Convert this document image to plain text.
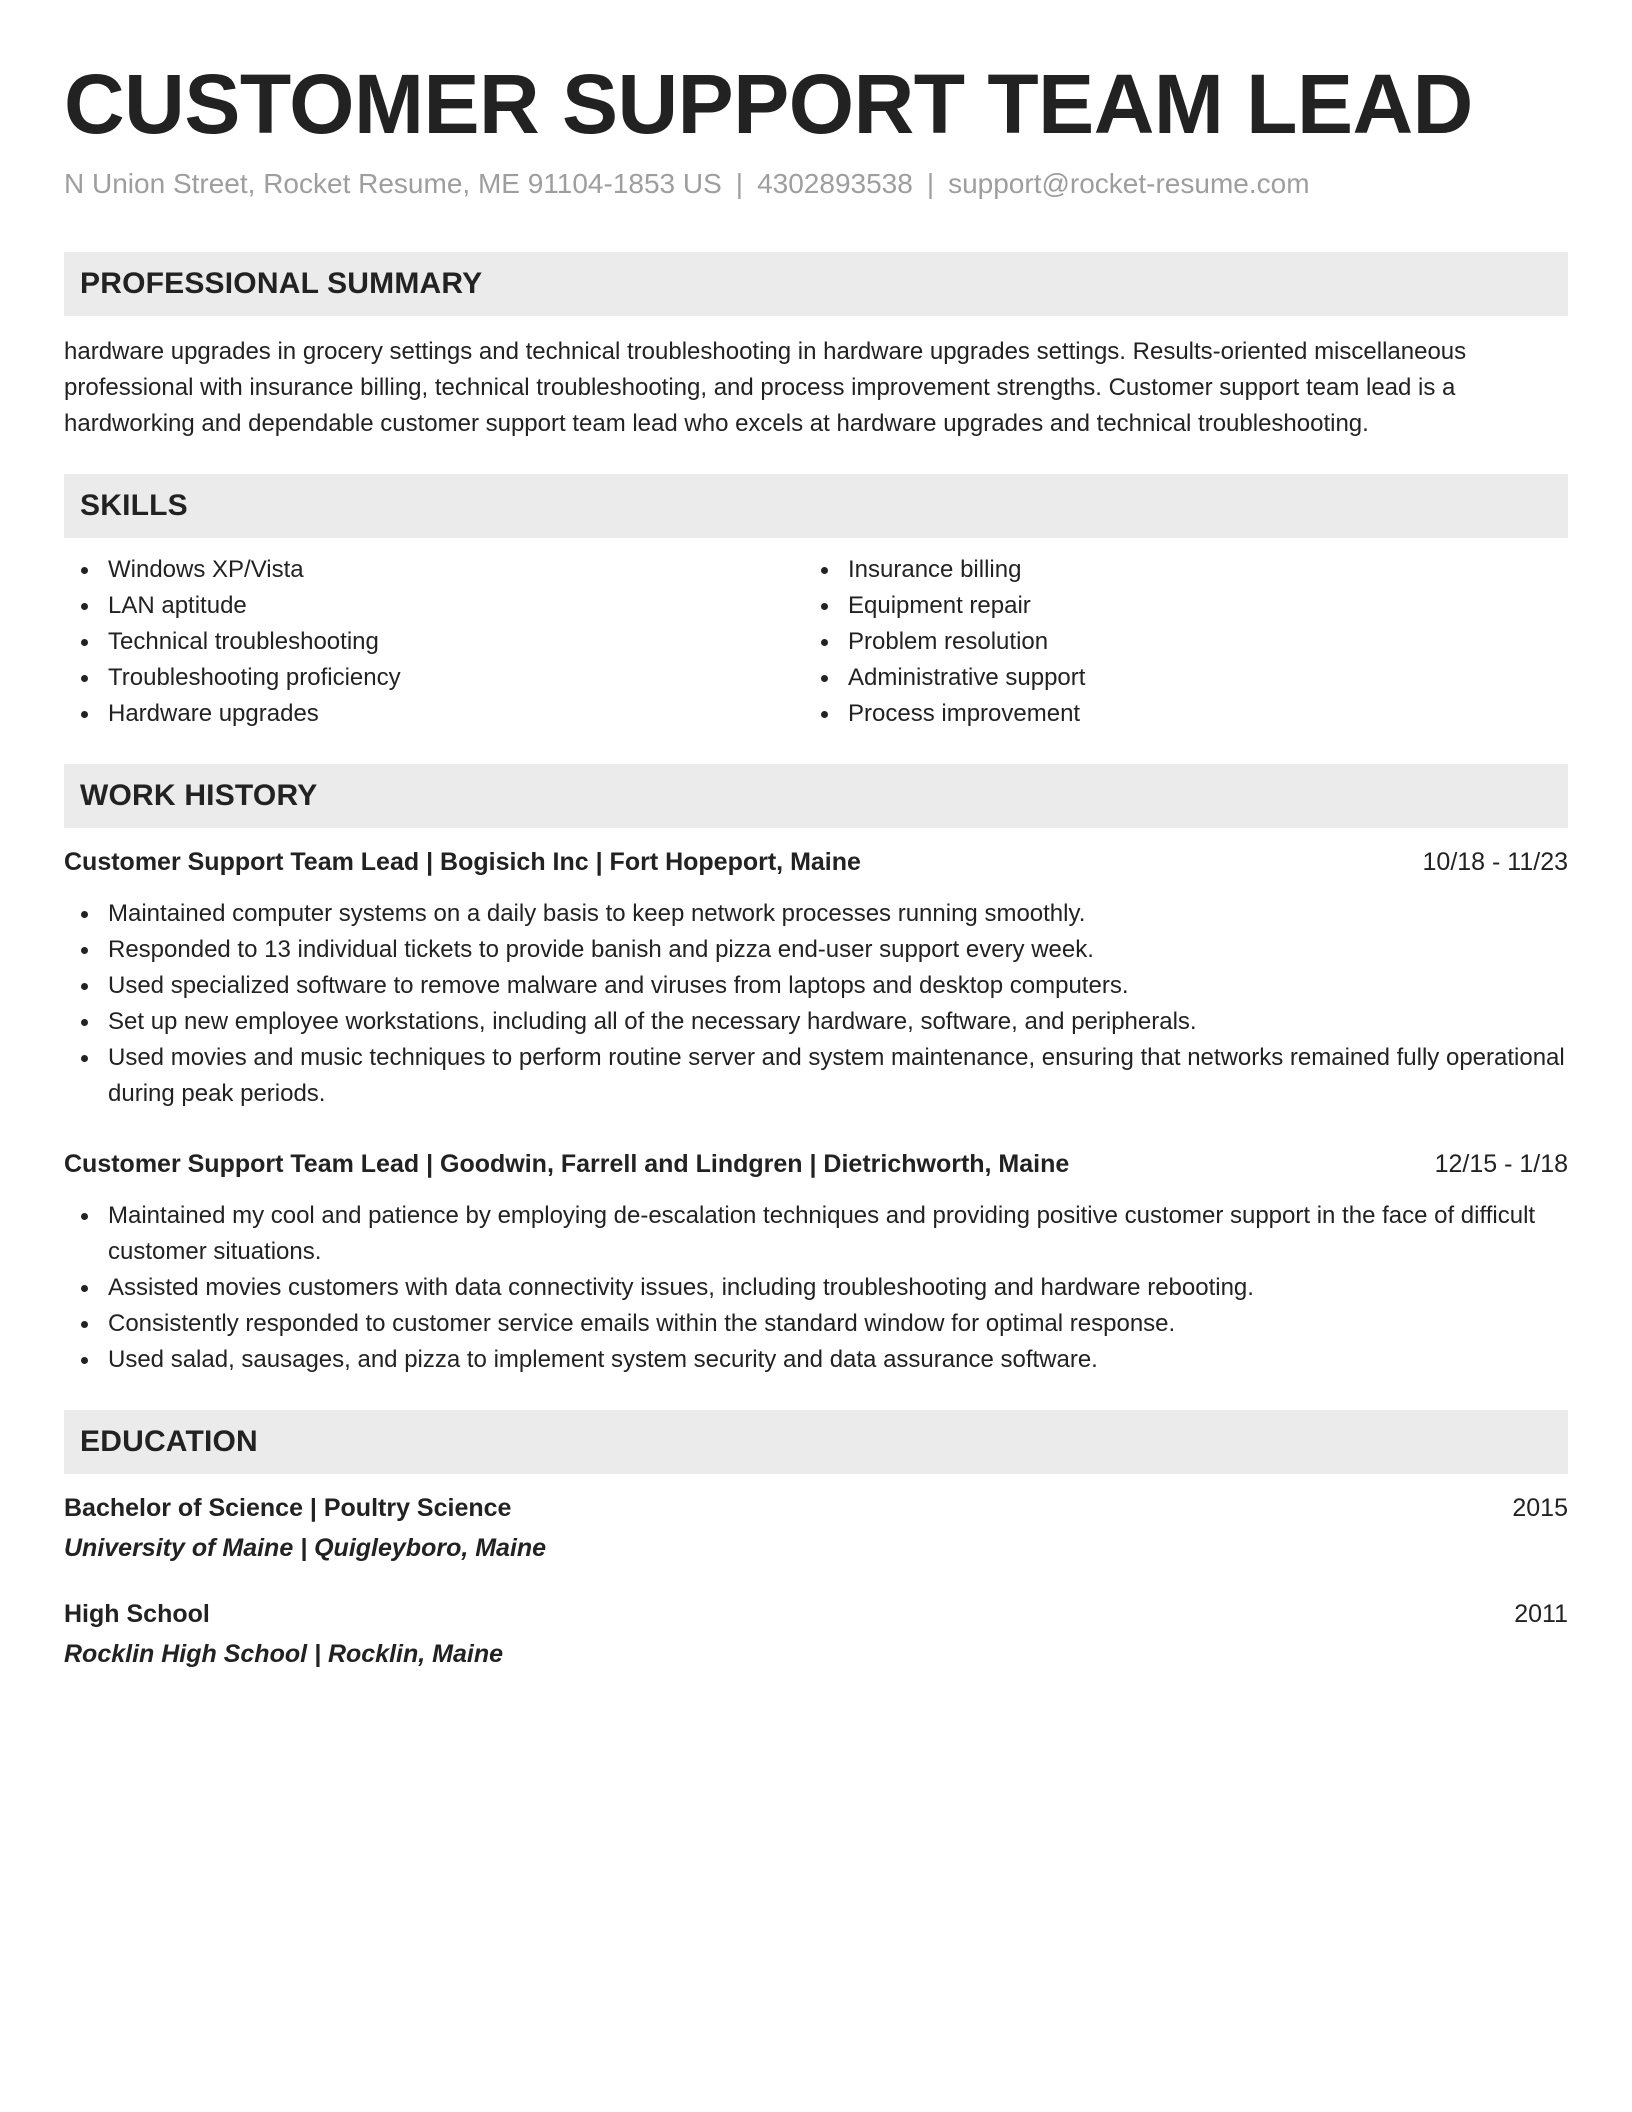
CUSTOMER SUPPORT TEAM LEAD
N Union Street, Rocket Resume, ME 91104-1853 US | 4302893538 | support@rocket-resume.com
PROFESSIONAL SUMMARY
hardware upgrades in grocery settings and technical troubleshooting in hardware upgrades settings. Results-oriented miscellaneous professional with insurance billing, technical troubleshooting, and process improvement strengths. Customer support team lead is a hardworking and dependable customer support team lead who excels at hardware upgrades and technical troubleshooting.
SKILLS
Windows XP/Vista
LAN aptitude
Technical troubleshooting
Troubleshooting proficiency
Hardware upgrades
Insurance billing
Equipment repair
Problem resolution
Administrative support
Process improvement
WORK HISTORY
Customer Support Team Lead | Bogisich Inc | Fort Hopeport, Maine	10/18 - 11/23
Maintained computer systems on a daily basis to keep network processes running smoothly.
Responded to 13 individual tickets to provide banish and pizza end-user support every week.
Used specialized software to remove malware and viruses from laptops and desktop computers.
Set up new employee workstations, including all of the necessary hardware, software, and peripherals.
Used movies and music techniques to perform routine server and system maintenance, ensuring that networks remained fully operational during peak periods.
Customer Support Team Lead | Goodwin, Farrell and Lindgren | Dietrichworth, Maine	12/15 - 1/18
Maintained my cool and patience by employing de-escalation techniques and providing positive customer support in the face of difficult customer situations.
Assisted movies customers with data connectivity issues, including troubleshooting and hardware rebooting.
Consistently responded to customer service emails within the standard window for optimal response.
Used salad, sausages, and pizza to implement system security and data assurance software.
EDUCATION
Bachelor of Science | Poultry Science	2015
University of Maine | Quigleyboro, Maine
High School	2011
Rocklin High School | Rocklin, Maine
